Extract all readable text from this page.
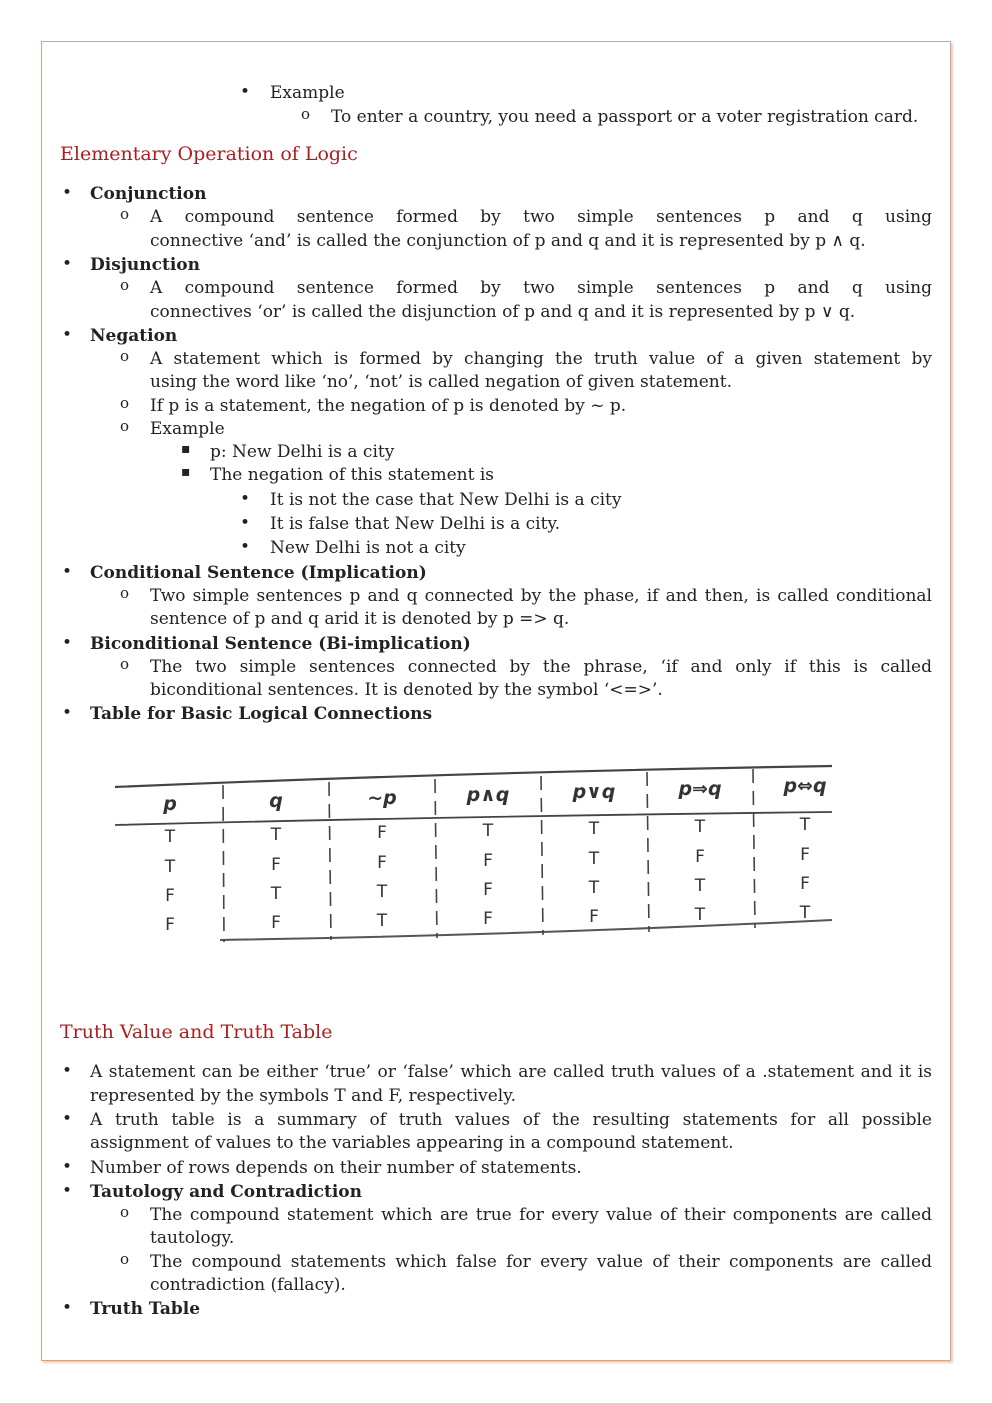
Example
To enter a country, you need a passport or a voter registration card.
Elementary Operation of Logic
Conjunction
A compound sentence formed by two simple sentences p and q using
connective ‘and’ is called the conjunction of p and q and it is represented by p ∧ q.
Disjunction
A compound sentence formed by two simple sentences p and q using
connectives ‘or’ is called the disjunction of p and q and it is represented by p ∨ q.
Negation
A statement which is formed by changing the truth value of a given statement by
using the word like ‘no’, ‘not’ is called negation of given statement.
If p is a statement, the negation of p is denoted by ~ p.
Example
p: New Delhi is a city
The negation of this statement is
It is not the case that New Delhi is a city
It is false that New Delhi is a city.
New Delhi is not a city
Conditional Sentence (Implication)
Two simple sentences p and q connected by the phase, if and then, is called conditional
sentence of p and q arid it is denoted by p => q.
Biconditional Sentence (Bi-implication)
The two simple sentences connected by the phrase, ‘if and only if this is called
biconditional sentences. It is denoted by the symbol ‘<=>’.
Table for Basic Logical Connections
p	q	~p	p∧q	p∨q	p⇒q	p⇔q
T	T	F	T	T	T	T
T	F	F	F	T	F	F
F	T	T	F	T	T	F
F	F	T	F	F	T	T
Truth Value and Truth Table
A statement can be either ‘true’ or ‘false’ which are called truth values of a .statement and it is
represented by the symbols T and F, respectively.
A truth table is a summary of truth values of the resulting statements for all possible
assignment of values to the variables appearing in a compound statement.
Number of rows depends on their number of statements.
Tautology and Contradiction
The compound statement which are true for every value of their components are called
tautology.
The compound statements which false for every value of their components are called
contradiction (fallacy).
Truth Table
